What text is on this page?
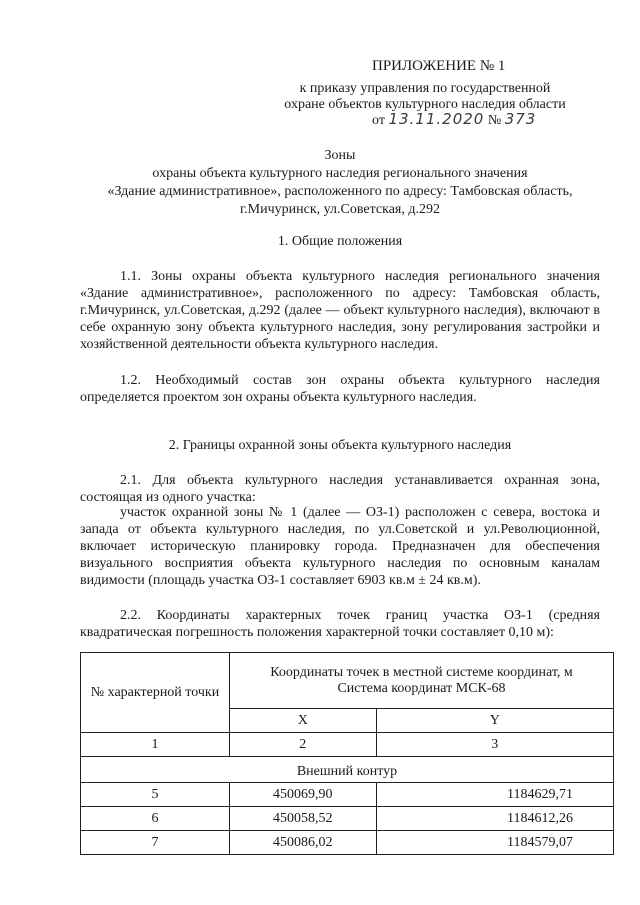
ПРИЛОЖЕНИЕ № 1
к приказу управления по государственной
охране объектов культурного наследия области
от 13.11.2020 № 373
Зоны
охраны объекта культурного наследия регионального значения
«Здание административное», расположенного по адресу: Тамбовская область,
г.Мичуринск, ул.Советская, д.292
1. Общие положения
1.1. Зоны охраны объекта культурного наследия регионального значения «Здание административное», расположенного по адресу: Тамбовская область, г.Мичуринск, ул.Советская, д.292 (далее — объект культурного наследия), включают в себе охранную зону объекта культурного наследия, зону регулирования застройки и хозяйственной деятельности объекта культурного наследия.
1.2. Необходимый состав зон охраны объекта культурного наследия определяется проектом зон охраны объекта культурного наследия.
2. Границы охранной зоны объекта культурного наследия
2.1. Для объекта культурного наследия устанавливается охранная зона, состоящая из одного участка:
участок охранной зоны № 1 (далее — ОЗ-1) расположен с севера, востока и запада от объекта культурного наследия, по ул.Советской и ул.Революционной, включает историческую планировку города. Предназначен для обеспечения визуального восприятия объекта культурного наследия по основным каналам видимости (площадь участка ОЗ-1 составляет 6903 кв.м ± 24 кв.м).
2.2. Координаты характерных точек границ участка ОЗ-1 (средняя квадратическая погрешность положения характерной точки составляет 0,10 м):
№ характерной точки	Координаты точек в местной системе координат, м
Система координат МСК-68	

	X	Y
1	2	3

Внешний контур		
5	450069,90	1184629,71
6	450058,52	1184612,26
7	450086,02	1184579,07
